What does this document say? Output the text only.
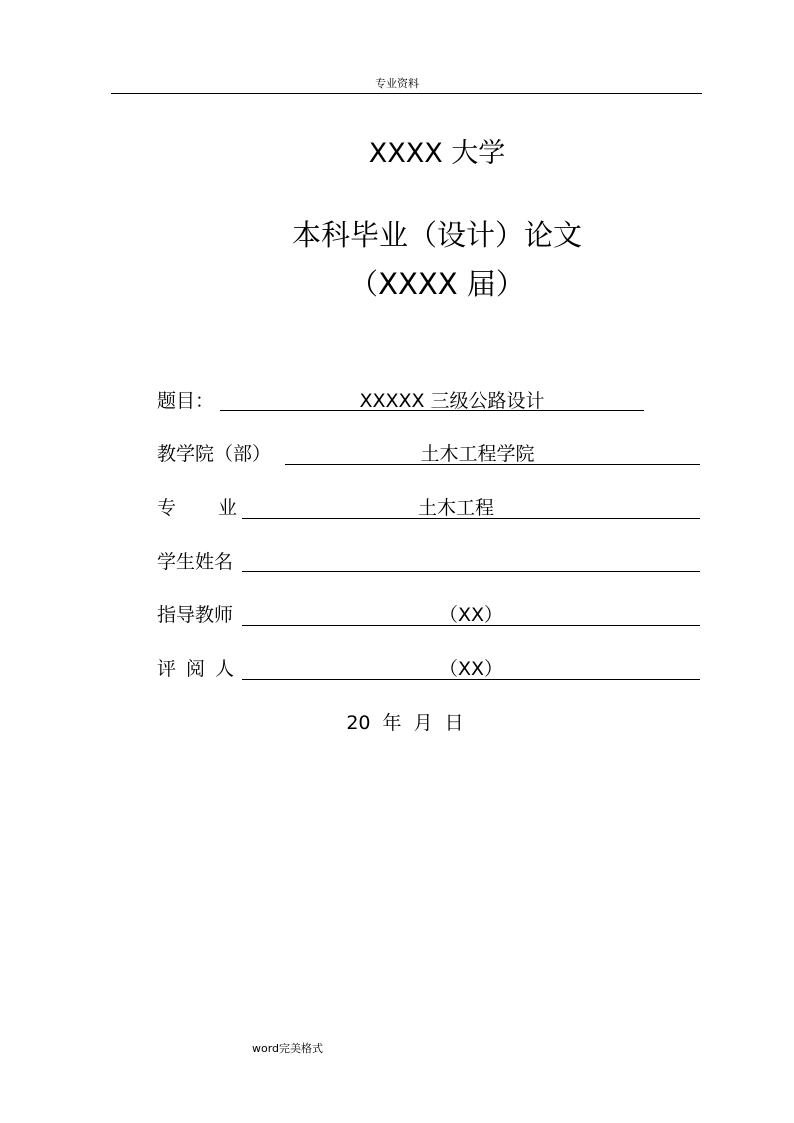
专业资料
XXXX 大学
本科毕业（设计）论文
（XXXX 届）
题目：	XXXXX 三级公路设计
教学院（部）	土木工程学院
专业	土木工程
学生姓名
指导教师	（XX）
评阅人	（XX）
20 年 月 日
word完美格式
